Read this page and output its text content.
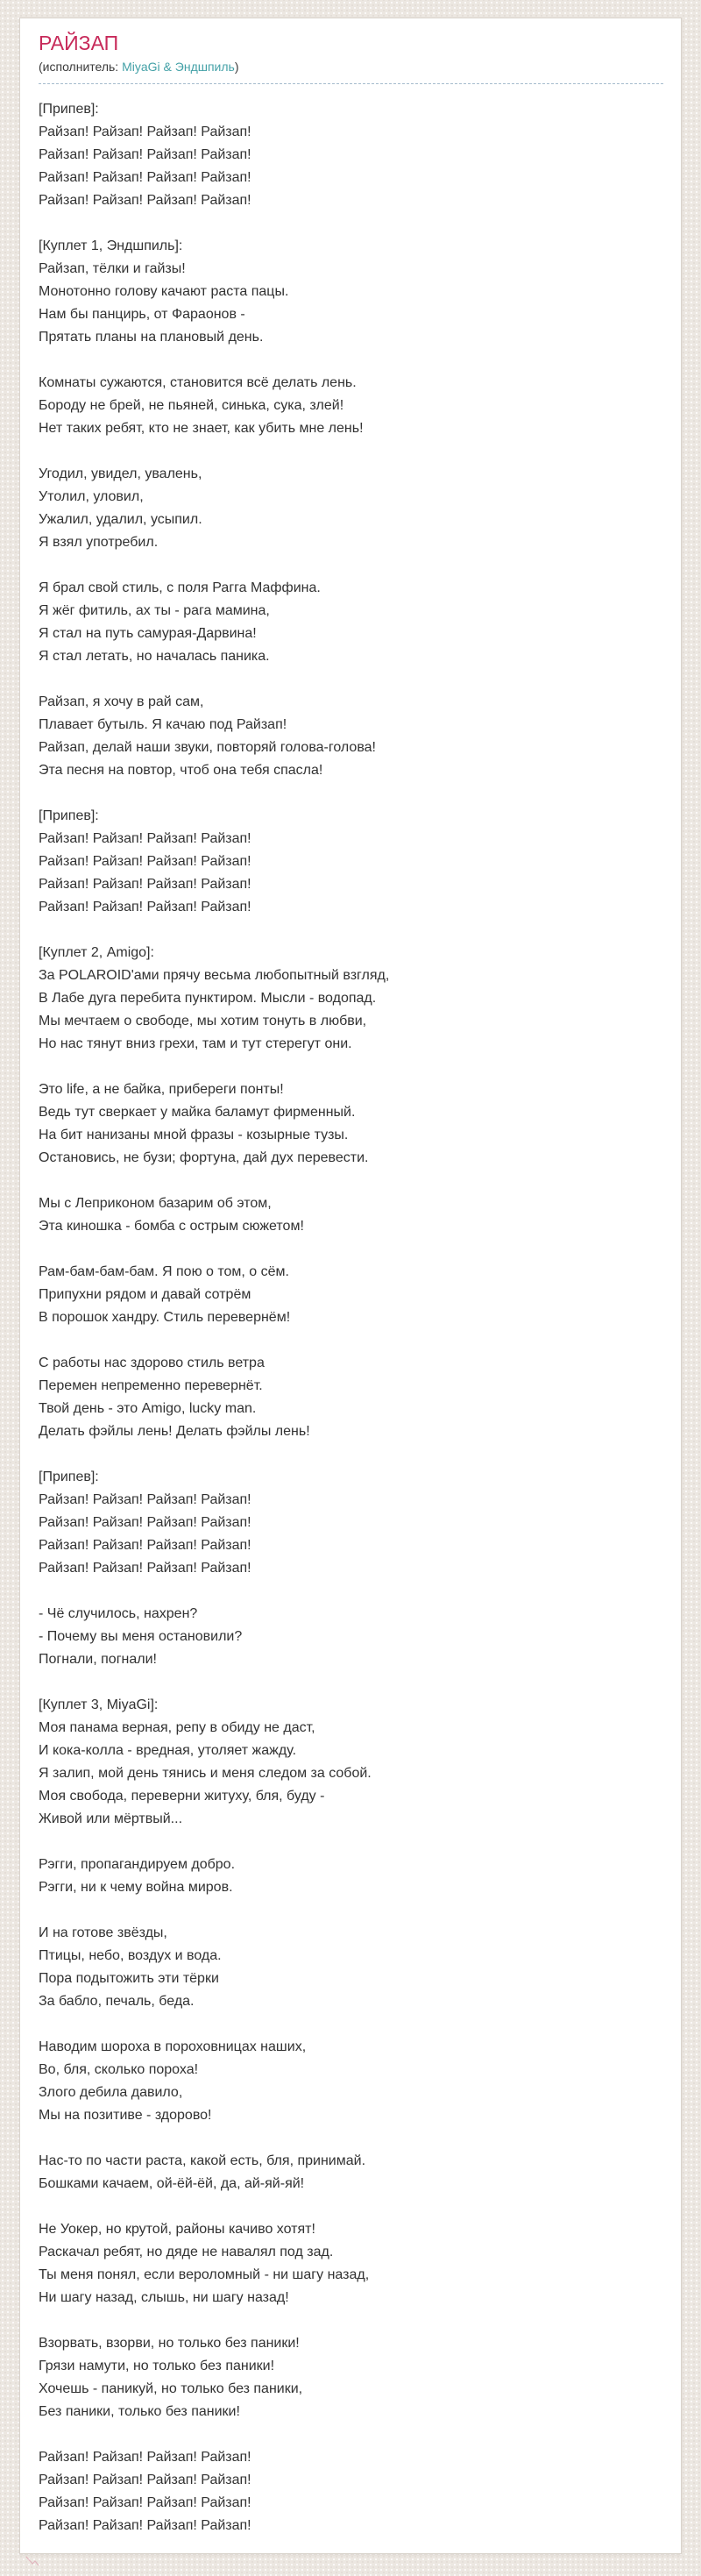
РАЙЗАП
(исполнитель: MiyaGi & Эндшпиль)
[Припев]:
Райзап! Райзап! Райзап! Райзап!
Райзап! Райзап! Райзап! Райзап!
Райзап! Райзап! Райзап! Райзап!
Райзап! Райзап! Райзап! Райзап!
[Куплет 1, Эндшпиль]:
Райзап, тёлки и гайзы!
Монотонно голову качают раста пацы.
Нам бы панцирь, от Фараонов -
Прятать планы на плановый день.
Комнаты сужаются, становится всё делать лень.
Бороду не брей, не пьяней, синька, сука, злей!
Нет таких ребят, кто не знает, как убить мне лень!
Угодил, увидел, увалень,
Утолил, уловил,
Ужалил, удалил, усыпил.
Я взял употребил.
Я брал свой стиль, с поля Рагга Маффина.
Я жёг фитиль, ах ты - рага мамина,
Я стал на путь самурая-Дарвина!
Я стал летать, но началась паника.
Райзап, я хочу в рай сам,
Плавает бутыль. Я качаю под Райзап!
Райзап, делай наши звуки, повторяй голова-голова!
Эта песня на повтор, чтоб она тебя спасла!
[Припев]:
Райзап! Райзап! Райзап! Райзап!
Райзап! Райзап! Райзап! Райзап!
Райзап! Райзап! Райзап! Райзап!
Райзап! Райзап! Райзап! Райзап!
[Куплет 2, Amigo]:
За POLAROID'ами прячу весьма любопытный взгляд,
В Лабе дуга перебита пунктиром. Мысли - водопад.
Мы мечтаем о свободе, мы хотим тонуть в любви,
Но нас тянут вниз грехи, там и тут стерегут они.
Это life, а не байка, прибереги понты!
Ведь тут сверкает у майка баламут фирменный.
На бит нанизаны мной фразы - козырные тузы.
Остановись, не бузи; фортуна, дай дух перевести.
Мы с Леприконом базарим об этом,
Эта киношка - бомба с острым сюжетом!
Рам-бам-бам-бам. Я пою о том, о сём.
Припухни рядом и давай сотрём
В порошок хандру. Стиль перевернём!
С работы нас здорово стиль ветра
Перемен непременно перевернёт.
Твой день - это Amigo, lucky man.
Делать фэйлы лень! Делать фэйлы лень!
[Припев]:
Райзап! Райзап! Райзап! Райзап!
Райзап! Райзап! Райзап! Райзап!
Райзап! Райзап! Райзап! Райзап!
Райзап! Райзап! Райзап! Райзап!
- Чё случилось, нахрен?
- Почему вы меня остановили?
Погнали, погнали!
[Куплет 3, MiyaGi]:
Моя панама верная, репу в обиду не даст,
И кока-колла - вредная, утоляет жажду.
Я залип, мой день тянись и меня следом за собой.
Моя свобода, переверни житуху, бля, буду -
Живой или мёртвый...
Рэгги, пропагандируем добро.
Рэгги, ни к чему война миров.
И на готове звёзды,
Птицы, небо, воздух и вода.
Пора подытожить эти тёрки
За бабло, печаль, беда.
Наводим шороха в пороховницах наших,
Во, бля, сколько пороха!
Злого дебила давило,
Мы на позитиве - здорово!
Нас-то по части раста, какой есть, бля, принимай.
Бошками качаем, ой-ёй-ёй, да, ай-яй-яй!
Не Уокер, но крутой, районы качиво хотят!
Раскачал ребят, но дяде не навалял под зад.
Ты меня понял, если вероломный - ни шагу назад,
Ни шагу назад, слышь, ни шагу назад!
Взорвать, взорви, но только без паники!
Грязи намути, но только без паники!
Хочешь - паникуй, но только без паники,
Без паники, только без паники!
Райзап! Райзап! Райзап! Райзап!
Райзап! Райзап! Райзап! Райзап!
Райзап! Райзап! Райзап! Райзап!
Райзап! Райзап! Райзап! Райзап!
